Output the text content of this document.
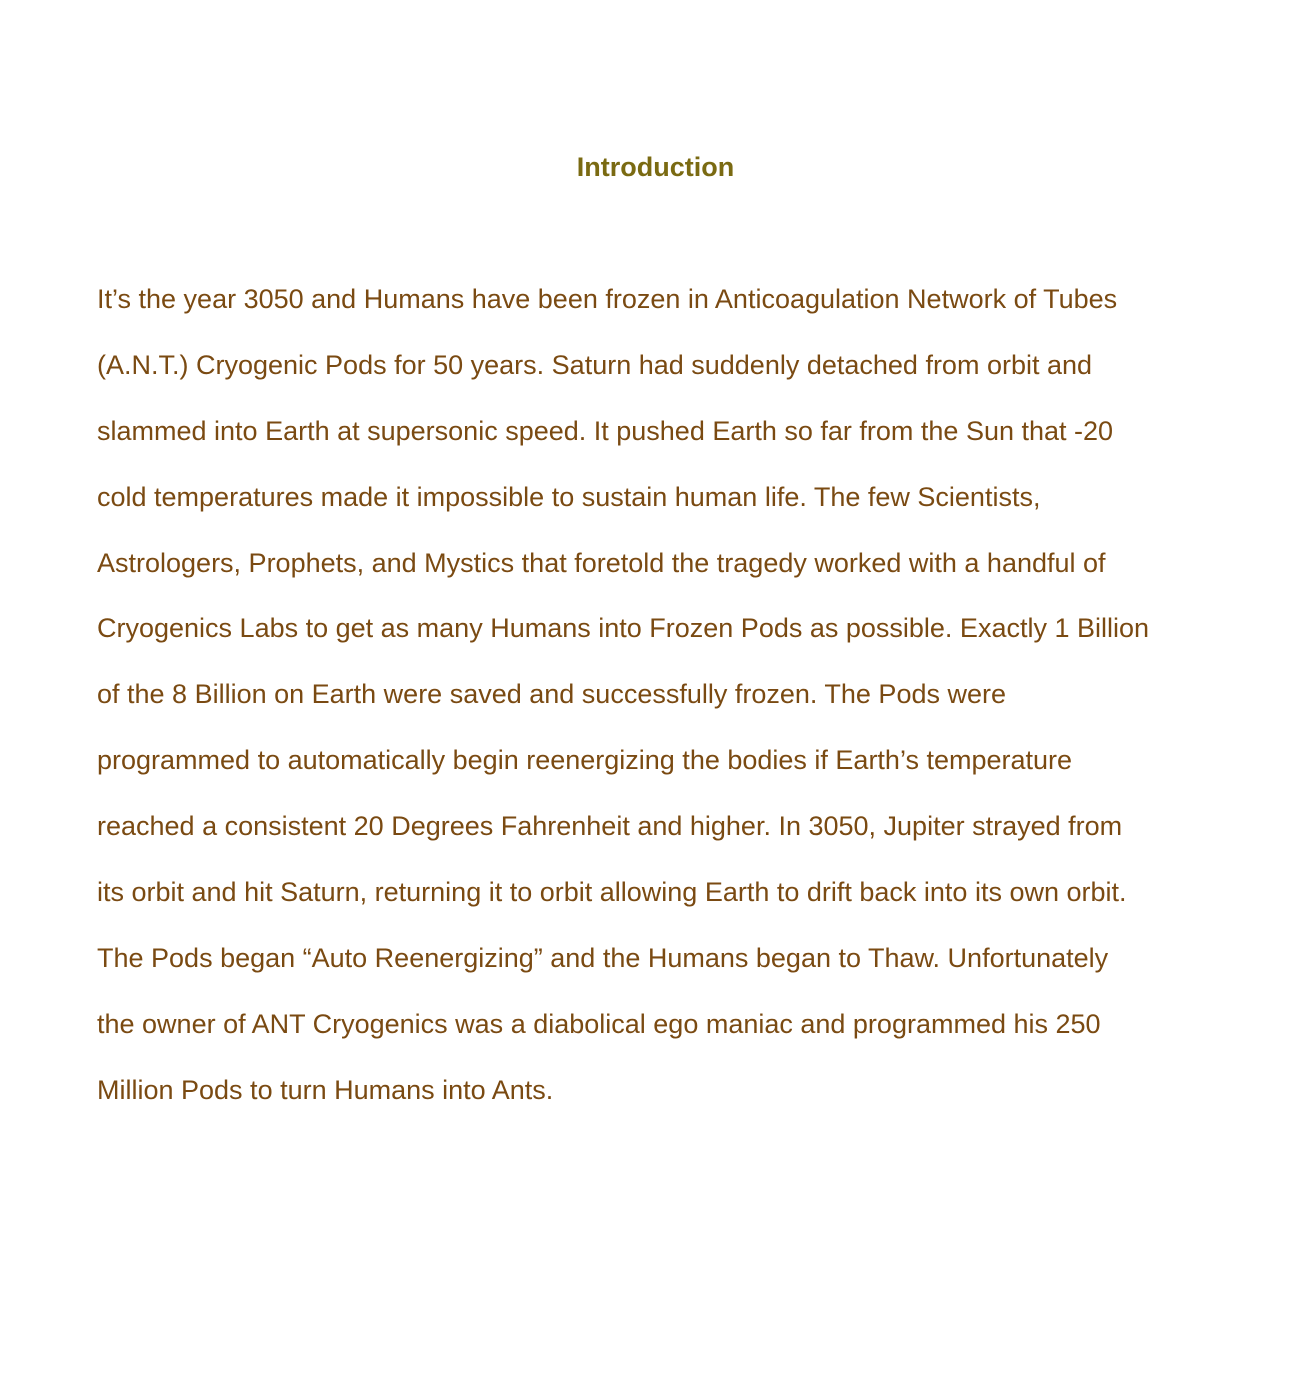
Introduction
It’s the year 3050 and Humans have been frozen in Anticoagulation Network of Tubes
(A.N.T.) Cryogenic Pods for 50 years. Saturn had suddenly detached from orbit and
slammed into Earth at supersonic speed. It pushed Earth so far from the Sun that -20
cold temperatures made it impossible to sustain human life. The few Scientists,
Astrologers, Prophets, and Mystics that foretold the tragedy worked with a handful of
Cryogenics Labs to get as many Humans into Frozen Pods as possible. Exactly 1 Billion
of the 8 Billion on Earth were saved and successfully frozen. The Pods were
programmed to automatically begin reenergizing the bodies if Earth’s temperature
reached a consistent 20 Degrees Fahrenheit and higher. In 3050, Jupiter strayed from
its orbit and hit Saturn, returning it to orbit allowing Earth to drift back into its own orbit.
The Pods began “Auto Reenergizing” and the Humans began to Thaw. Unfortunately
the owner of ANT Cryogenics was a diabolical ego maniac and programmed his 250
Million Pods to turn Humans into Ants.
